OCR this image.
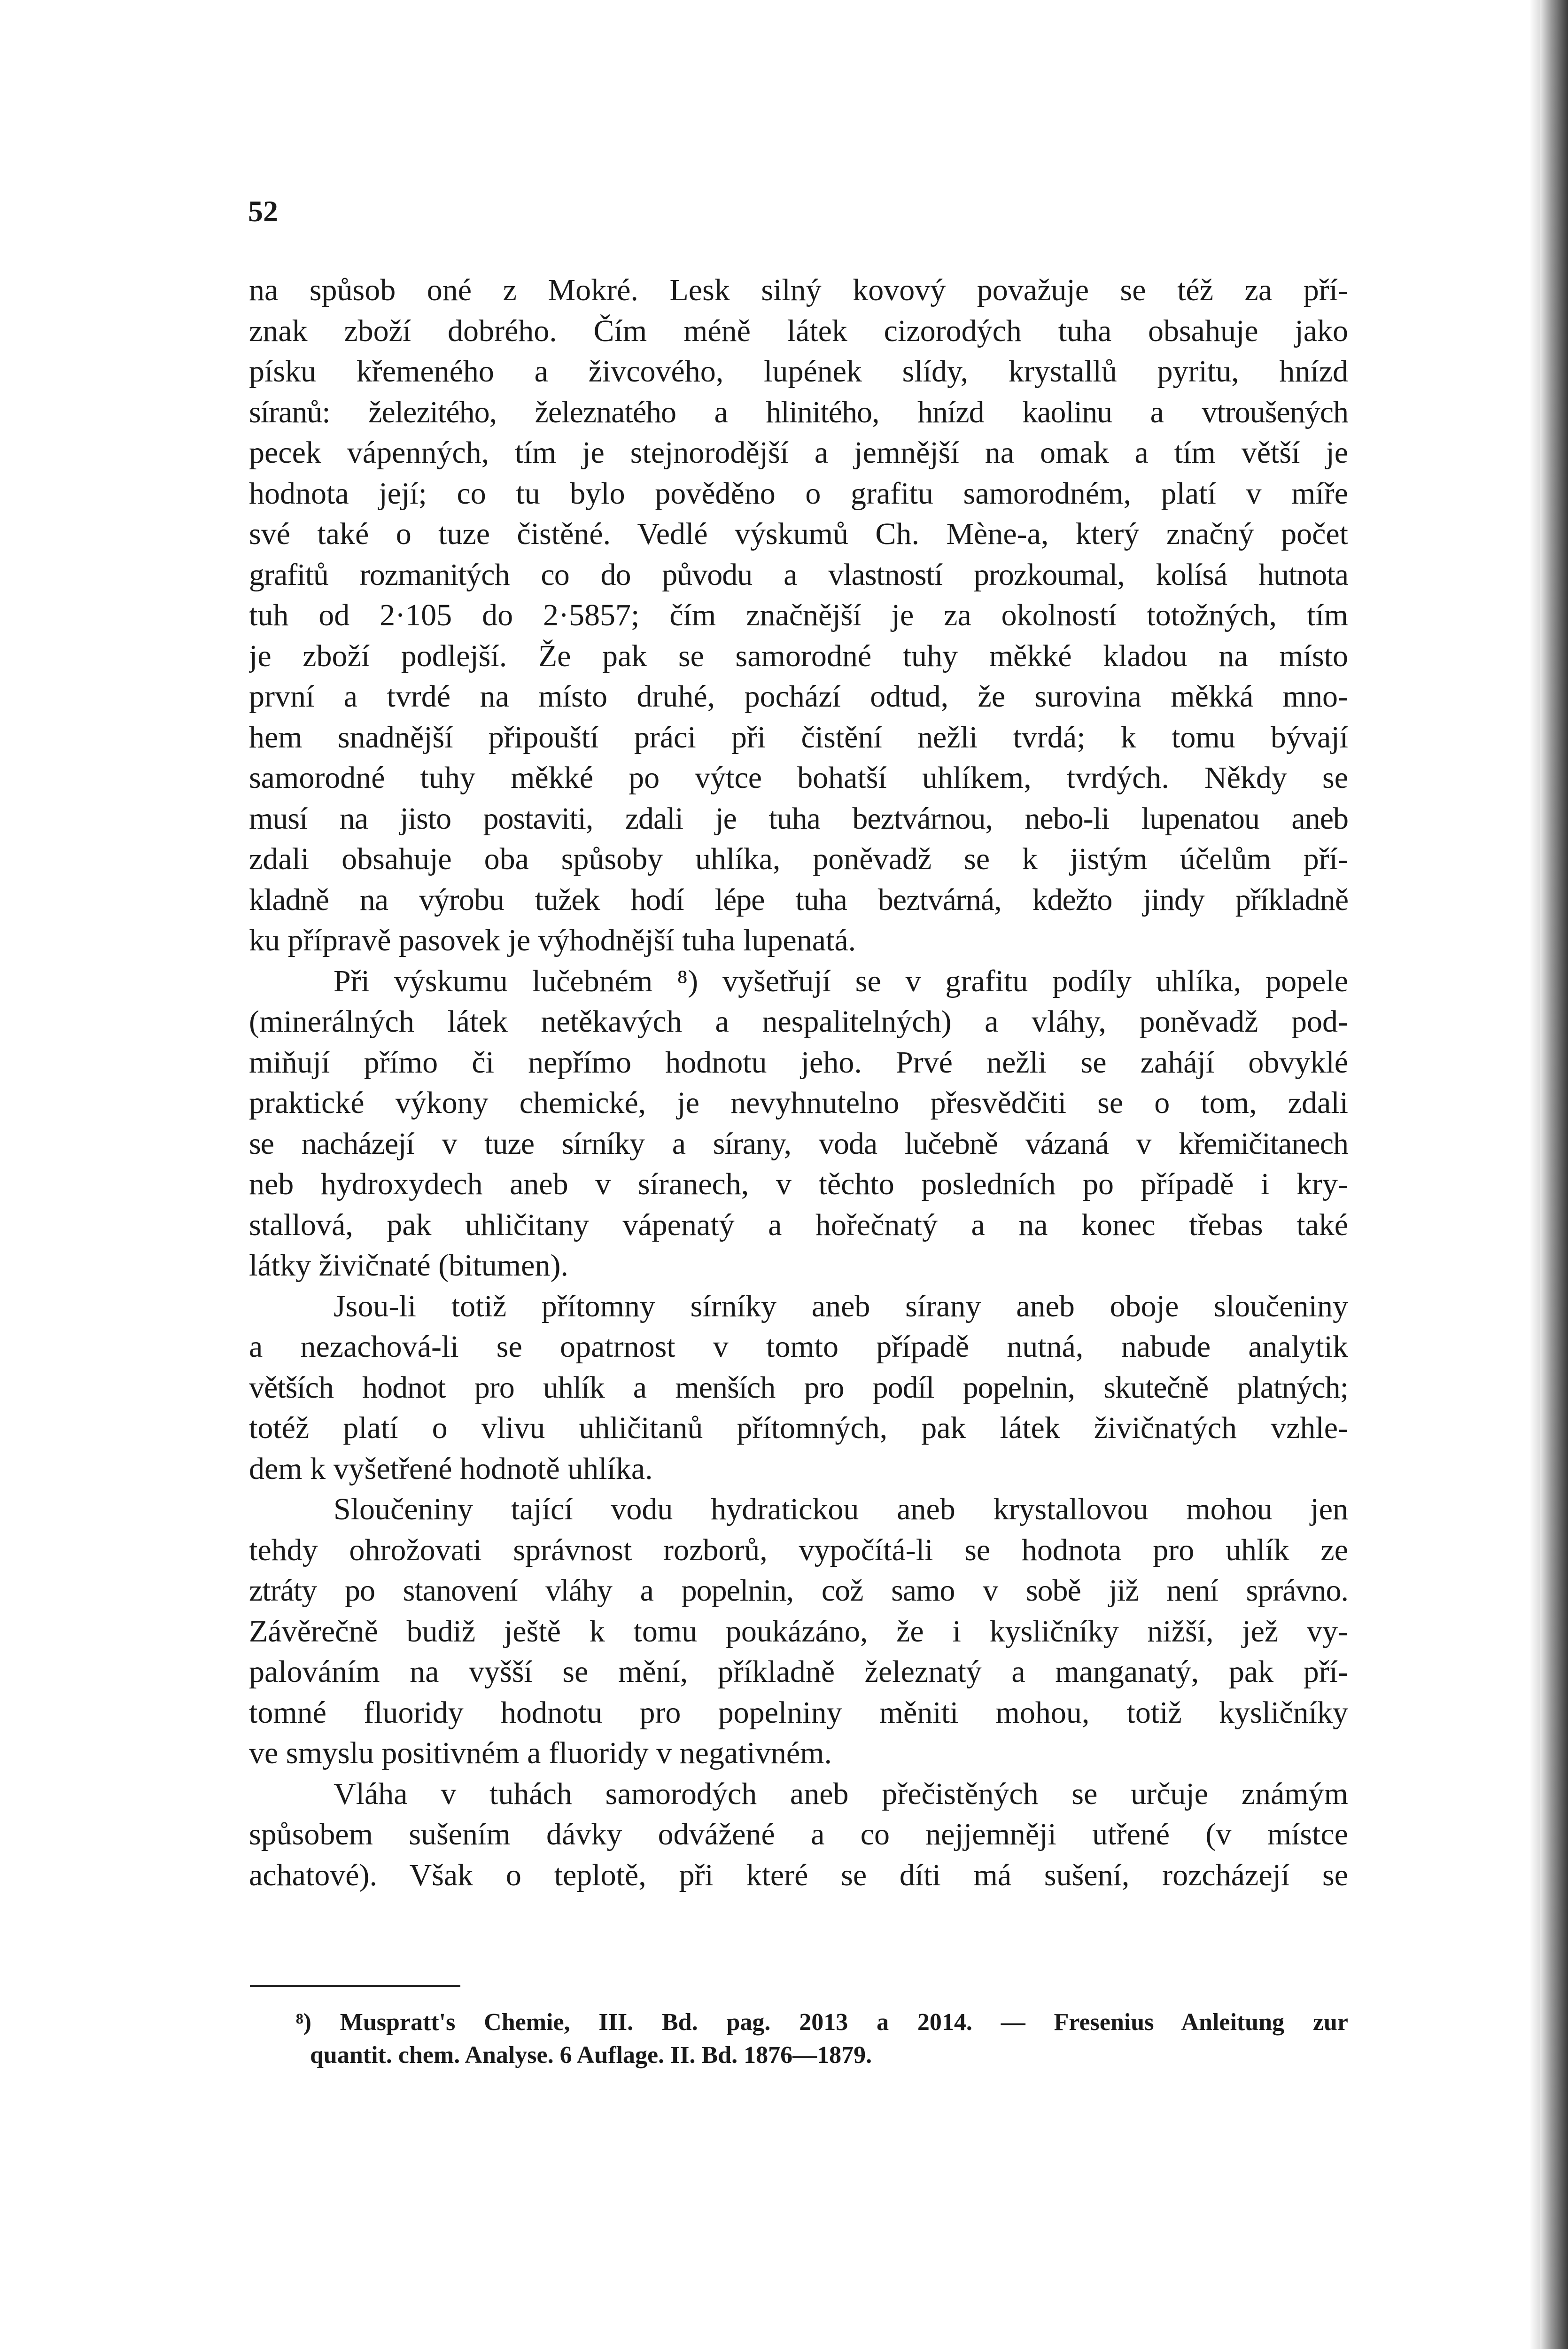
52
na spůsob oné z Mokré. Lesk silný kovový považuje se též za pří-
znak zboží dobrého. Čím méně látek cizorodých tuha obsahuje jako
písku křemeného a živcového, lupének slídy, krystallů pyritu, hnízd
síranů: železitého, železnatého a hlinitého, hnízd kaolinu a vtroušených
pecek vápenných, tím je stejnorodější a jemnější na omak a tím větší je
hodnota její; co tu bylo pověděno o grafitu samorodném, platí v míře
své také o tuze čistěné. Vedlé výskumů Ch. Mène-a, který značný počet
grafitů rozmanitých co do původu a vlastností prozkoumal, kolísá hutnota
tuh od 2·105 do 2·5857; čím značnější je za okolností totožných, tím
je zboží podlejší. Že pak se samorodné tuhy měkké kladou na místo
první a tvrdé na místo druhé, pochází odtud, že surovina měkká mno-
hem snadnější připouští práci při čistění nežli tvrdá; k tomu bývají
samorodné tuhy měkké po výtce bohatší uhlíkem, tvrdých. Někdy se
musí na jisto postaviti, zdali je tuha beztvárnou, nebo-li lupenatou aneb
zdali obsahuje oba spůsoby uhlíka, poněvadž se k jistým účelům pří-
kladně na výrobu tužek hodí lépe tuha beztvárná, kdežto jindy příkladně
ku přípravě pasovek je výhodnější tuha lupenatá.
Při výskumu lučebném ⁸) vyšetřují se v grafitu podíly uhlíka, popele
(minerálných látek netěkavých a nespalitelných) a vláhy, poněvadž pod-
miňují přímo či nepřímo hodnotu jeho. Prvé nežli se zahájí obvyklé
praktické výkony chemické, je nevyhnutelno přesvědčiti se o tom, zdali
se nacházejí v tuze sírníky a sírany, voda lučebně vázaná v křemičitanech
neb hydroxydech aneb v síranech, v těchto posledních po případě i kry-
stallová, pak uhličitany vápenatý a hořečnatý a na konec třebas také
látky živičnaté (bitumen).
Jsou-li totiž přítomny sírníky aneb sírany aneb oboje sloučeniny
a nezachová-li se opatrnost v tomto případě nutná, nabude analytik
větších hodnot pro uhlík a menších pro podíl popelnin, skutečně platných;
totéž platí o vlivu uhličitanů přítomných, pak látek živičnatých vzhle-
dem k vyšetřené hodnotě uhlíka.
Sloučeniny tající vodu hydratickou aneb krystallovou mohou jen
tehdy ohrožovati správnost rozborů, vypočítá-li se hodnota pro uhlík ze
ztráty po stanovení vláhy a popelnin, což samo v sobě již není správno.
Závěrečně budiž ještě k tomu poukázáno, že i kysličníky nižší, jež vy-
palováním na vyšší se mění, příkladně železnatý a manganatý, pak pří-
tomné fluoridy hodnotu pro popelniny měniti mohou, totiž kysličníky
ve smyslu positivném a fluoridy v negativném.
Vláha v tuhách samorodých aneb přečistěných se určuje známým
spůsobem sušením dávky odvážené a co nejjemněji utřené (v místce
achatové). Však o teplotě, při které se díti má sušení, rozcházejí se
⁸) Muspratt's Chemie, III. Bd. pag. 2013 a 2014. — Fresenius Anleitung zur
quantit. chem. Analyse. 6 Auflage. II. Bd. 1876—1879.
